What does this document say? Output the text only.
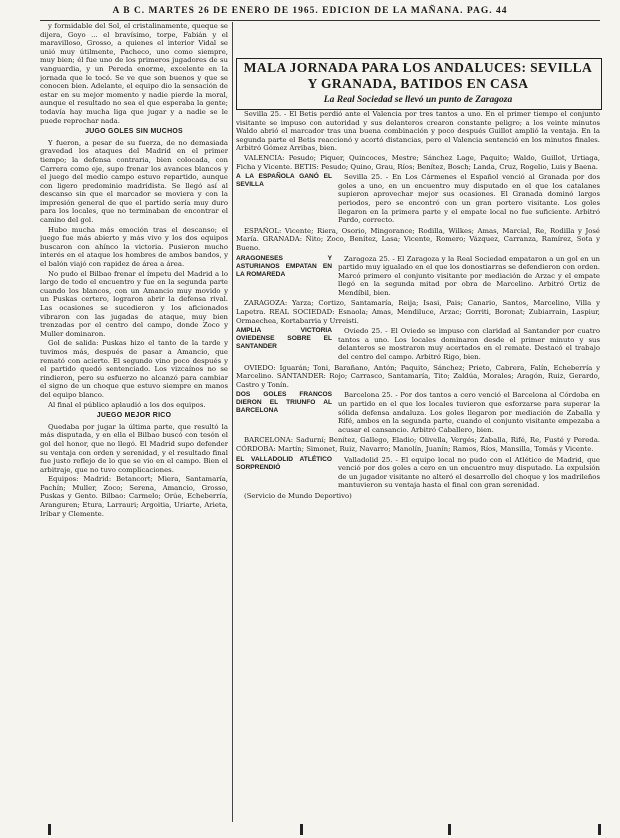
A B C. MARTES 26 DE ENERO DE 1965. EDICION DE LA MAÑANA. PAG. 44

y formidable del Sol, el cristalinamente, queque se dijera, Goyo ... el bravísimo, torpe, Fabián y el maravilloso, Grosso, a quienes el interior Vidal se unió muy útilmente, Pacheco, uno como siempre, muy bien; él fue uno de los primeros jugadores de su vanguardia, y un Pereda enorme, excelente en la jornada que le tocó. Se ve que son buenos y que se conocen bien. Adelante, el equipo dio la sensación de estar en su mejor momento y nadie pierde la moral, aunque el resultado no sea el que esperaba la gente; todavía hay mucha liga que jugar y a nadie se le puede reprochar nada.

JUGO GOLES SIN MUCHOS

Y fueron, a pesar de su fuerza, de no demasiada gravedad los ataques del Madrid en el primer tiempo; la defensa contraria, bien colocada, con Carrera como eje, supo frenar los avances blancos y el juego del medio campo estuvo repartido, aunque con ligero predominio madridista. Se llegó así al descanso sin que el marcador se moviera y con la impresión general de que el partido sería muy duro para los locales, que no terminaban de encontrar el camino del gol.

Hubo mucha más emoción tras el descanso; el juego fue más abierto y más vivo y los dos equipos buscaron con ahínco la victoria. Pusieron mucho interés en el ataque los hombres de ambos bandos, y el balón viajó con rapidez de área a área.

No pudo el Bilbao frenar el ímpetu del Madrid a lo largo de todo el encuentro y fue en la segunda parte cuando los blancos, con un Amancio muy movido y un Puskas certero, lograron abrir la defensa rival. Las ocasiones se sucedieron y los aficionados vibraron con las jugadas de ataque, muy bien trenzadas por el centro del campo, donde Zoco y Muller dominaron.

Gol de salida: Puskas hizo el tanto de la tarde y tuvimos más, después de pasar a Amancio, que remató con acierto. El segundo vino poco después y el partido quedó sentenciado. Los vizcaínos no se rindieron, pero su esfuerzo no alcanzó para cambiar el signo de un choque que estuvo siempre en manos del equipo blanco.

Al final el público aplaudió a los dos equipos.

JUEGO MEJOR RICO

Quedaba por jugar la última parte, que resultó la más disputada, y en ella el Bilbao buscó con tesón el gol del honor, que no llegó. El Madrid supo defender su ventaja con orden y serenidad, y el resultado final fue justo reflejo de lo que se vio en el campo. Bien el arbitraje, que no tuvo complicaciones.

Equipos: Madrid: Betancort; Miera, Santamaría, Pachín; Muller, Zoco; Serena, Amancio, Grosso, Puskas y Gento. Bilbao: Carmelo; Orúe, Echeberría, Aranguren; Etura, Larrauri; Argoitia, Uriarte, Arieta, Iríbar y Clemente.

MALA JORNADA PARA LOS ANDALUCES: SEVILLA
Y GRANADA, BATIDOS EN CASA
La Real Sociedad se llevó un punto de Zaragoza

Sevilla 25. - El Betis perdió ante el Valencia por tres tantos a uno. En el primer tiempo el conjunto visitante se impuso con autoridad y sus delanteros crearon constante peligro; a los veinte minutos Waldo abrió el marcador tras una buena combinación y poco después Guillot amplió la ventaja. En la segunda parte el Betis reaccionó y acortó distancias, pero el Valencia sentenció en los minutos finales. Arbitró Gómez Arribas, bien.

VALENCIA: Pesudo; Piquer, Quincoces, Mestre; Sánchez Lage, Paquito; Waldo, Guillot, Urtiaga, Ficha y Vicente. BETIS: Pesudo; Quino, Grau, Ríos; Benítez, Bosch; Landa, Cruz, Rogelio, Luis y Baena.

A LA ESPAÑOLA GANÓ EL SEVILLA

Sevilla 25. - En Los Cármenes el Español venció al Granada por dos goles a uno, en un encuentro muy disputado en el que los catalanes supieron aprovechar mejor sus ocasiones. El Granada dominó largos periodos, pero se encontró con un gran portero visitante. Los goles llegaron en la primera parte y el empate local no fue suficiente. Arbitró Pardo, correcto.

ESPAÑOL: Vicente; Riera, Osorio, Mingorance; Rodilla, Wilkes; Amas, Marcial, Re, Rodilla y José María. GRANADA: Ñito; Zoco, Benítez, Lasa; Vicente, Romero; Vázquez, Carranza, Ramírez, Sota y Bueno.

ARAGONESES Y ASTURIANOS EMPATAN EN LA ROMAREDA

Zaragoza 25. - El Zaragoza y la Real Sociedad empataron a un gol en un partido muy igualado en el que los donostiarras se defendieron con orden. Marcó primero el conjunto visitante por mediación de Arzac y el empate llegó en la segunda mitad por obra de Marcelino. Arbitró Ortiz de Mendíbil, bien.

ZARAGOZA: Yarza; Cortizo, Santamaría, Reija; Isasi, Pais; Canario, Santos, Marcelino, Villa y Lapetra. REAL SOCIEDAD: Esnaola; Amas, Mendiluce, Arzac; Gorriti, Boronat; Zubiarrain, Laspiur, Ormaechea, Kortabarria y Urreisti.

AMPLIA VICTORIA OVIEDENSE SOBRE EL SANTANDER

Oviedo 25. - El Oviedo se impuso con claridad al Santander por cuatro tantos a uno. Los locales dominaron desde el primer minuto y sus delanteros se mostraron muy acertados en el remate. Destacó el trabajo del centro del campo. Arbitró Rigo, bien.

OVIEDO: Iguarán; Toni, Barañano, Antón; Paquito, Sánchez; Prieto, Cabrera, Falín, Echeberría y Marcelino. SANTANDER: Rojo; Carrasco, Santamaría, Tito; Zaldúa, Morales; Aragón, Ruiz, Gerardo, Castro y Tonín.

DOS GOLES FRANCOS DIERON EL TRIUNFO AL BARCELONA

Barcelona 25. - Por dos tantos a cero venció el Barcelona al Córdoba en un partido en el que los locales tuvieron que esforzarse para superar la sólida defensa andaluza. Los goles llegaron por mediación de Zaballa y Rifé, ambos en la segunda parte, cuando el conjunto visitante empezaba a acusar el cansancio. Arbitró Caballero, bien.

BARCELONA: Sadurní; Benítez, Gallego, Eladio; Olivella, Vergés; Zaballa, Rifé, Re, Fusté y Pereda. CÓRDOBA: Martín; Simonet, Ruiz, Navarro; Manolín, Juanín; Ramos, Ríos, Mansilla, Tomás y Vicente.

EL VALLADOLID ATLÉTICO SORPRENDIÓ

Valladolid 25. - El equipo local no pudo con el Atlético de Madrid, que venció por dos goles a cero en un encuentro muy disputado. La expulsión de un jugador visitante no alteró el desarrollo del choque y los madrileños mantuvieron su ventaja hasta el final con gran serenidad.

(Servicio de Mundo Deportivo)
